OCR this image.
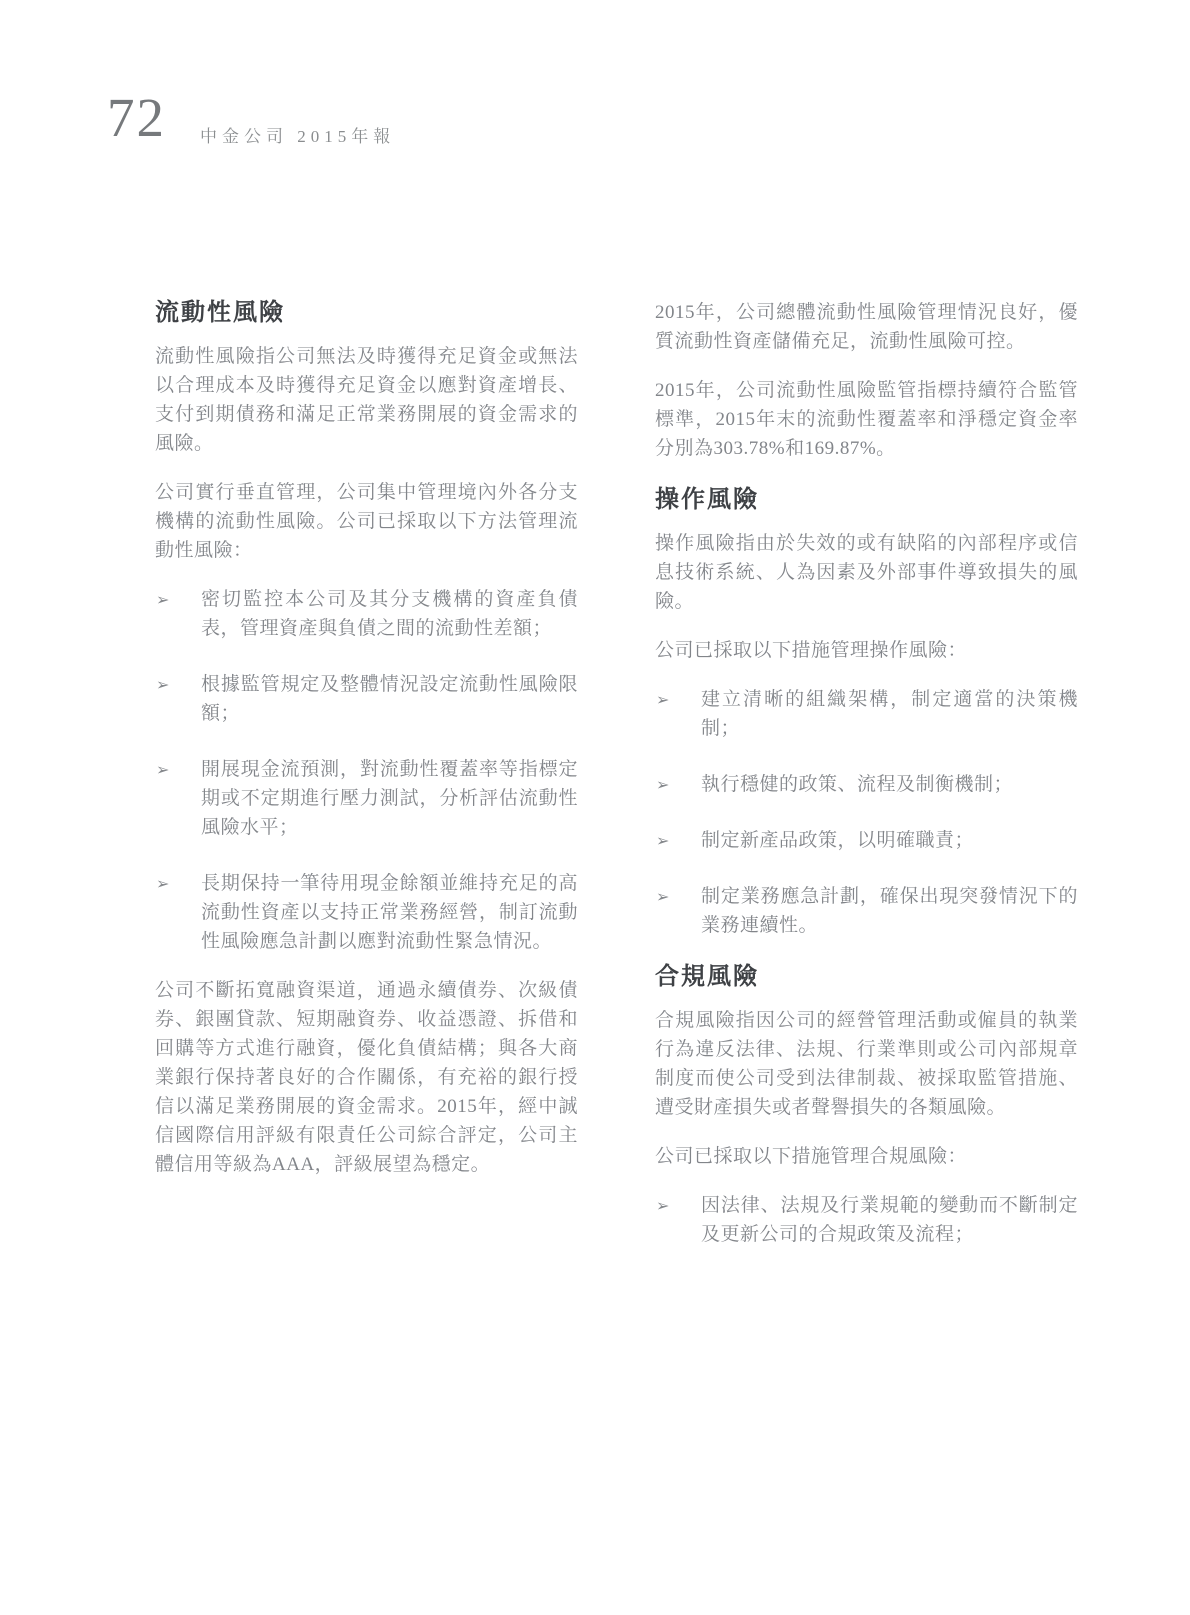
72 中金公司 2015年報
流動性風險

流動性風險指公司無法及時獲得充足資金或無法以合理成本及時獲得充足資金以應對資產增長、支付到期債務和滿足正常業務開展的資金需求的風險。

公司實行垂直管理，公司集中管理境內外各分支機構的流動性風險。公司已採取以下方法管理流動性風險：

➢ 密切監控本公司及其分支機構的資產負債表，管理資產與負債之間的流動性差額；
➢ 根據監管規定及整體情況設定流動性風險限額；
➢ 開展現金流預測，對流動性覆蓋率等指標定期或不定期進行壓力測試，分析評估流動性風險水平；
➢ 長期保持一筆待用現金餘額並維持充足的高流動性資產以支持正常業務經營，制訂流動性風險應急計劃以應對流動性緊急情況。

公司不斷拓寬融資渠道，通過永續債券、次級債券、銀團貸款、短期融資券、收益憑證、拆借和回購等方式進行融資，優化負債結構；與各大商業銀行保持著良好的合作關係，有充裕的銀行授信以滿足業務開展的資金需求。2015年，經中誠信國際信用評級有限責任公司綜合評定，公司主體信用等級為AAA，評級展望為穩定。

2015年，公司總體流動性風險管理情況良好，優質流動性資產儲備充足，流動性風險可控。

2015年，公司流動性風險監管指標持續符合監管標準，2015年末的流動性覆蓋率和淨穩定資金率分別為303.78%和169.87%。

操作風險

操作風險指由於失效的或有缺陷的內部程序或信息技術系統、人為因素及外部事件導致損失的風險。

公司已採取以下措施管理操作風險：

➢ 建立清晰的組織架構，制定適當的決策機制；
➢ 執行穩健的政策、流程及制衡機制；
➢ 制定新產品政策，以明確職責；
➢ 制定業務應急計劃，確保出現突發情況下的業務連續性。
合規風險

合規風險指因公司的經營管理活動或僱員的執業行為違反法律、法規、行業準則或公司內部規章制度而使公司受到法律制裁、被採取監管措施、遭受財產損失或者聲譽損失的各類風險。

公司已採取以下措施管理合規風險：

➢ 因法律、法規及行業規範的變動而不斷制定及更新公司的合規政策及流程；
